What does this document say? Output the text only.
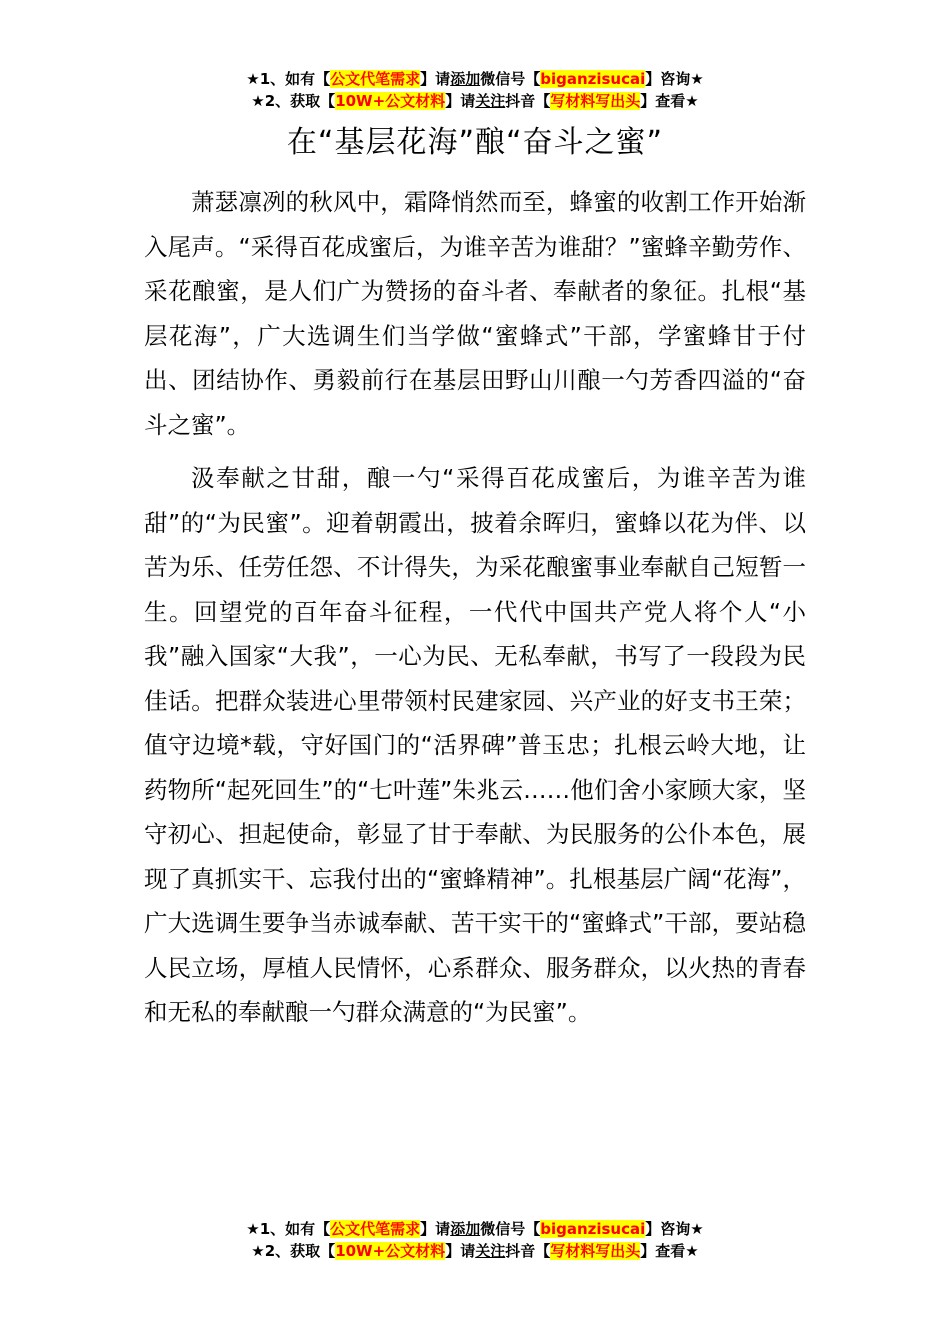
★1、如有【公文代笔需求】请添加微信号【biganzisucai】咨询★
★2、获取【10W+公文材料】请关注抖音【写材料写出头】查看★
在“基层花海”酿“奋斗之蜜”

萧瑟凛冽的秋风中，霜降悄然而至，蜂蜜的收割工作开始渐入尾声。“采得百花成蜜后，为谁辛苦为谁甜？”蜜蜂辛勤劳作、采花酿蜜，是人们广为赞扬的奋斗者、奉献者的象征。扎根“基层花海”，广大选调生们当学做“蜜蜂式”干部，学蜜蜂甘于付出、团结协作、勇毅前行在基层田野山川酿一勺芳香四溢的“奋斗之蜜”。

汲奉献之甘甜，酿一勺“采得百花成蜜后，为谁辛苦为谁甜”的“为民蜜”。迎着朝霞出，披着余晖归，蜜蜂以花为伴、以苦为乐、任劳任怨、不计得失，为采花酿蜜事业奉献自己短暂一生。回望党的百年奋斗征程，一代代中国共产党人将个人“小我”融入国家“大我”，一心为民、无私奉献，书写了一段段为民佳话。把群众装进心里带领村民建家园、兴产业的好支书王荣；值守边境*载，守好国门的“活界碑”普玉忠；扎根云岭大地，让药物所“起死回生”的“七叶莲”朱兆云……他们舍小家顾大家，坚守初心、担起使命，彰显了甘于奉献、为民服务的公仆本色，展现了真抓实干、忘我付出的“蜜蜂精神”。扎根基层广阔“花海”，广大选调生要争当赤诚奉献、苦干实干的“蜜蜂式”干部，要站稳人民立场，厚植人民情怀，心系群众、服务群众，以火热的青春和无私的奉献酿一勺群众满意的“为民蜜”。

★1、如有【公文代笔需求】请添加微信号【biganzisucai】咨询★
★2、获取【10W+公文材料】请关注抖音【写材料写出头】查看★
